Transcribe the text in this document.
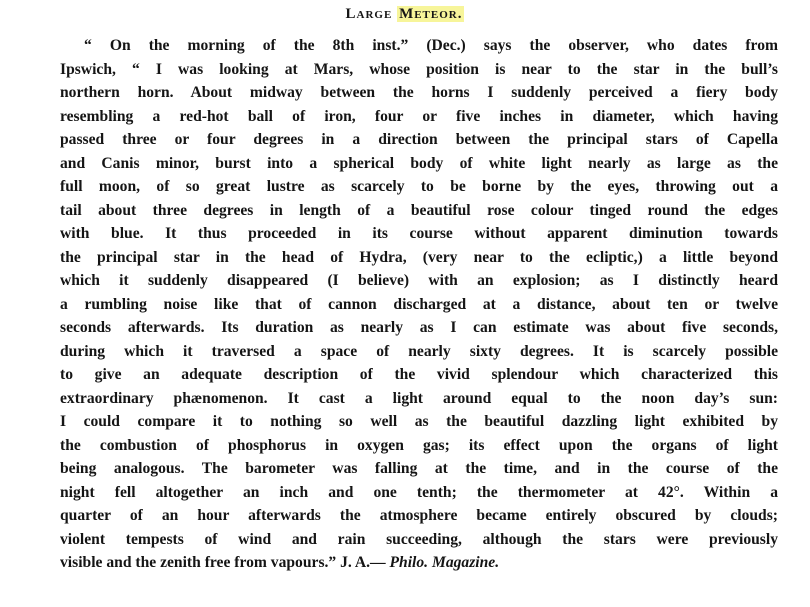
Large Meteor.
“ On the morning of the 8th inst.” (Dec.) says the observer, who dates from
Ipswich, “ I was looking at Mars, whose position is near to the star in the bull’s
northern horn. About midway between the horns I suddenly perceived a fiery body
resembling a red-hot ball of iron, four or five inches in diameter, which having
passed three or four degrees in a direction between the principal stars of Capella
and Canis minor, burst into a spherical body of white light nearly as large as the
full moon, of so great lustre as scarcely to be borne by the eyes, throwing out a
tail about three degrees in length of a beautiful rose colour tinged round the edges
with blue. It thus proceeded in its course without apparent diminution towards
the principal star in the head of Hydra, (very near to the ecliptic,) a little beyond
which it suddenly disappeared (I believe) with an explosion; as I distinctly heard
a rumbling noise like that of cannon discharged at a distance, about ten or twelve
seconds afterwards. Its duration as nearly as I can estimate was about five seconds,
during which it traversed a space of nearly sixty degrees. It is scarcely possible
to give an adequate description of the vivid splendour which characterized this
extraordinary phænomenon. It cast a light around equal to the noon day’s sun:
I could compare it to nothing so well as the beautiful dazzling light exhibited by
the combustion of phosphorus in oxygen gas; its effect upon the organs of light
being analogous. The barometer was falling at the time, and in the course of the
night fell altogether an inch and one tenth; the thermometer at 42°. Within a
quarter of an hour afterwards the atmosphere became entirely obscured by clouds;
violent tempests of wind and rain succeeding, although the stars were previously
visible and the zenith free from vapours.” J. A.— Philo. Magazine.
